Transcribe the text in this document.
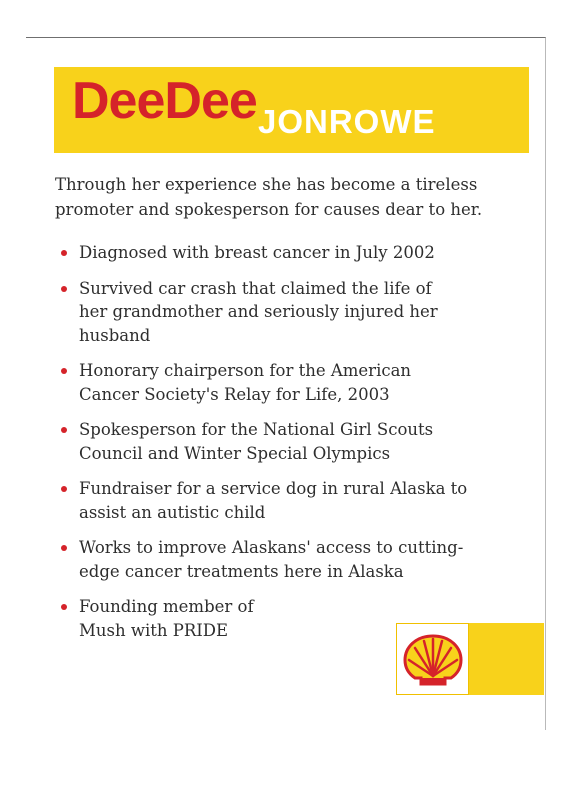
DeeDee JONROWE
Through her experience she has become a tireless promoter and spokesperson for causes dear to her.
Diagnosed with breast cancer in July 2002
Survived car crash that claimed the life of her grandmother and seriously injured her husband
Honorary chairperson for the American Cancer Society's Relay for Life, 2003
Spokesperson for the National Girl Scouts Council and Winter Special Olympics
Fundraiser for a service dog in rural Alaska to assist an autistic child
Works to improve Alaskans' access to cutting-edge cancer treatments here in Alaska
Founding member of Mush with PRIDE
